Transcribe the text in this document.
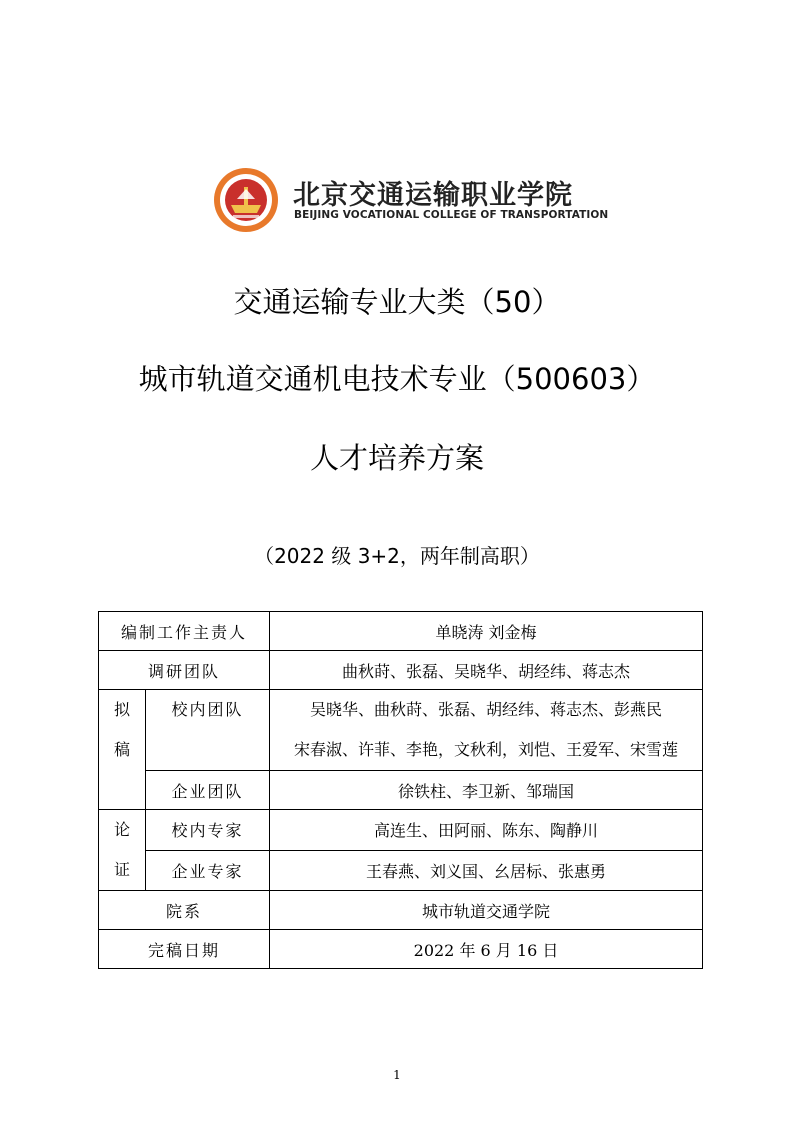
北京交通运输职业学院
BEIJING VOCATIONAL COLLEGE OF TRANSPORTATION
交通运输专业大类（50）
城市轨道交通机电技术专业（500603）
人才培养方案
（2022 级 3+2，两年制高职）
编制工作主责人		单晓涛 刘金梅
调研团队		曲秋莳、张磊、吴晓华、胡经纬、蒋志杰

拟
稿	校内团队	吴晓华、曲秋莳、张磊、胡经纬、蒋志杰、彭燕民
宋春淑、许菲、李艳，文秋利，刘恺、王爱军、宋雪莲

	企业团队	徐铁柱、李卫新、邹瑞国

论
证	校内专家	高连生、田阿丽、陈东、陶静川
	企业专家	王春燕、刘义国、幺居标、张惠勇
院系		城市轨道交通学院
完稿日期		2022 年 6 月 16 日
1
